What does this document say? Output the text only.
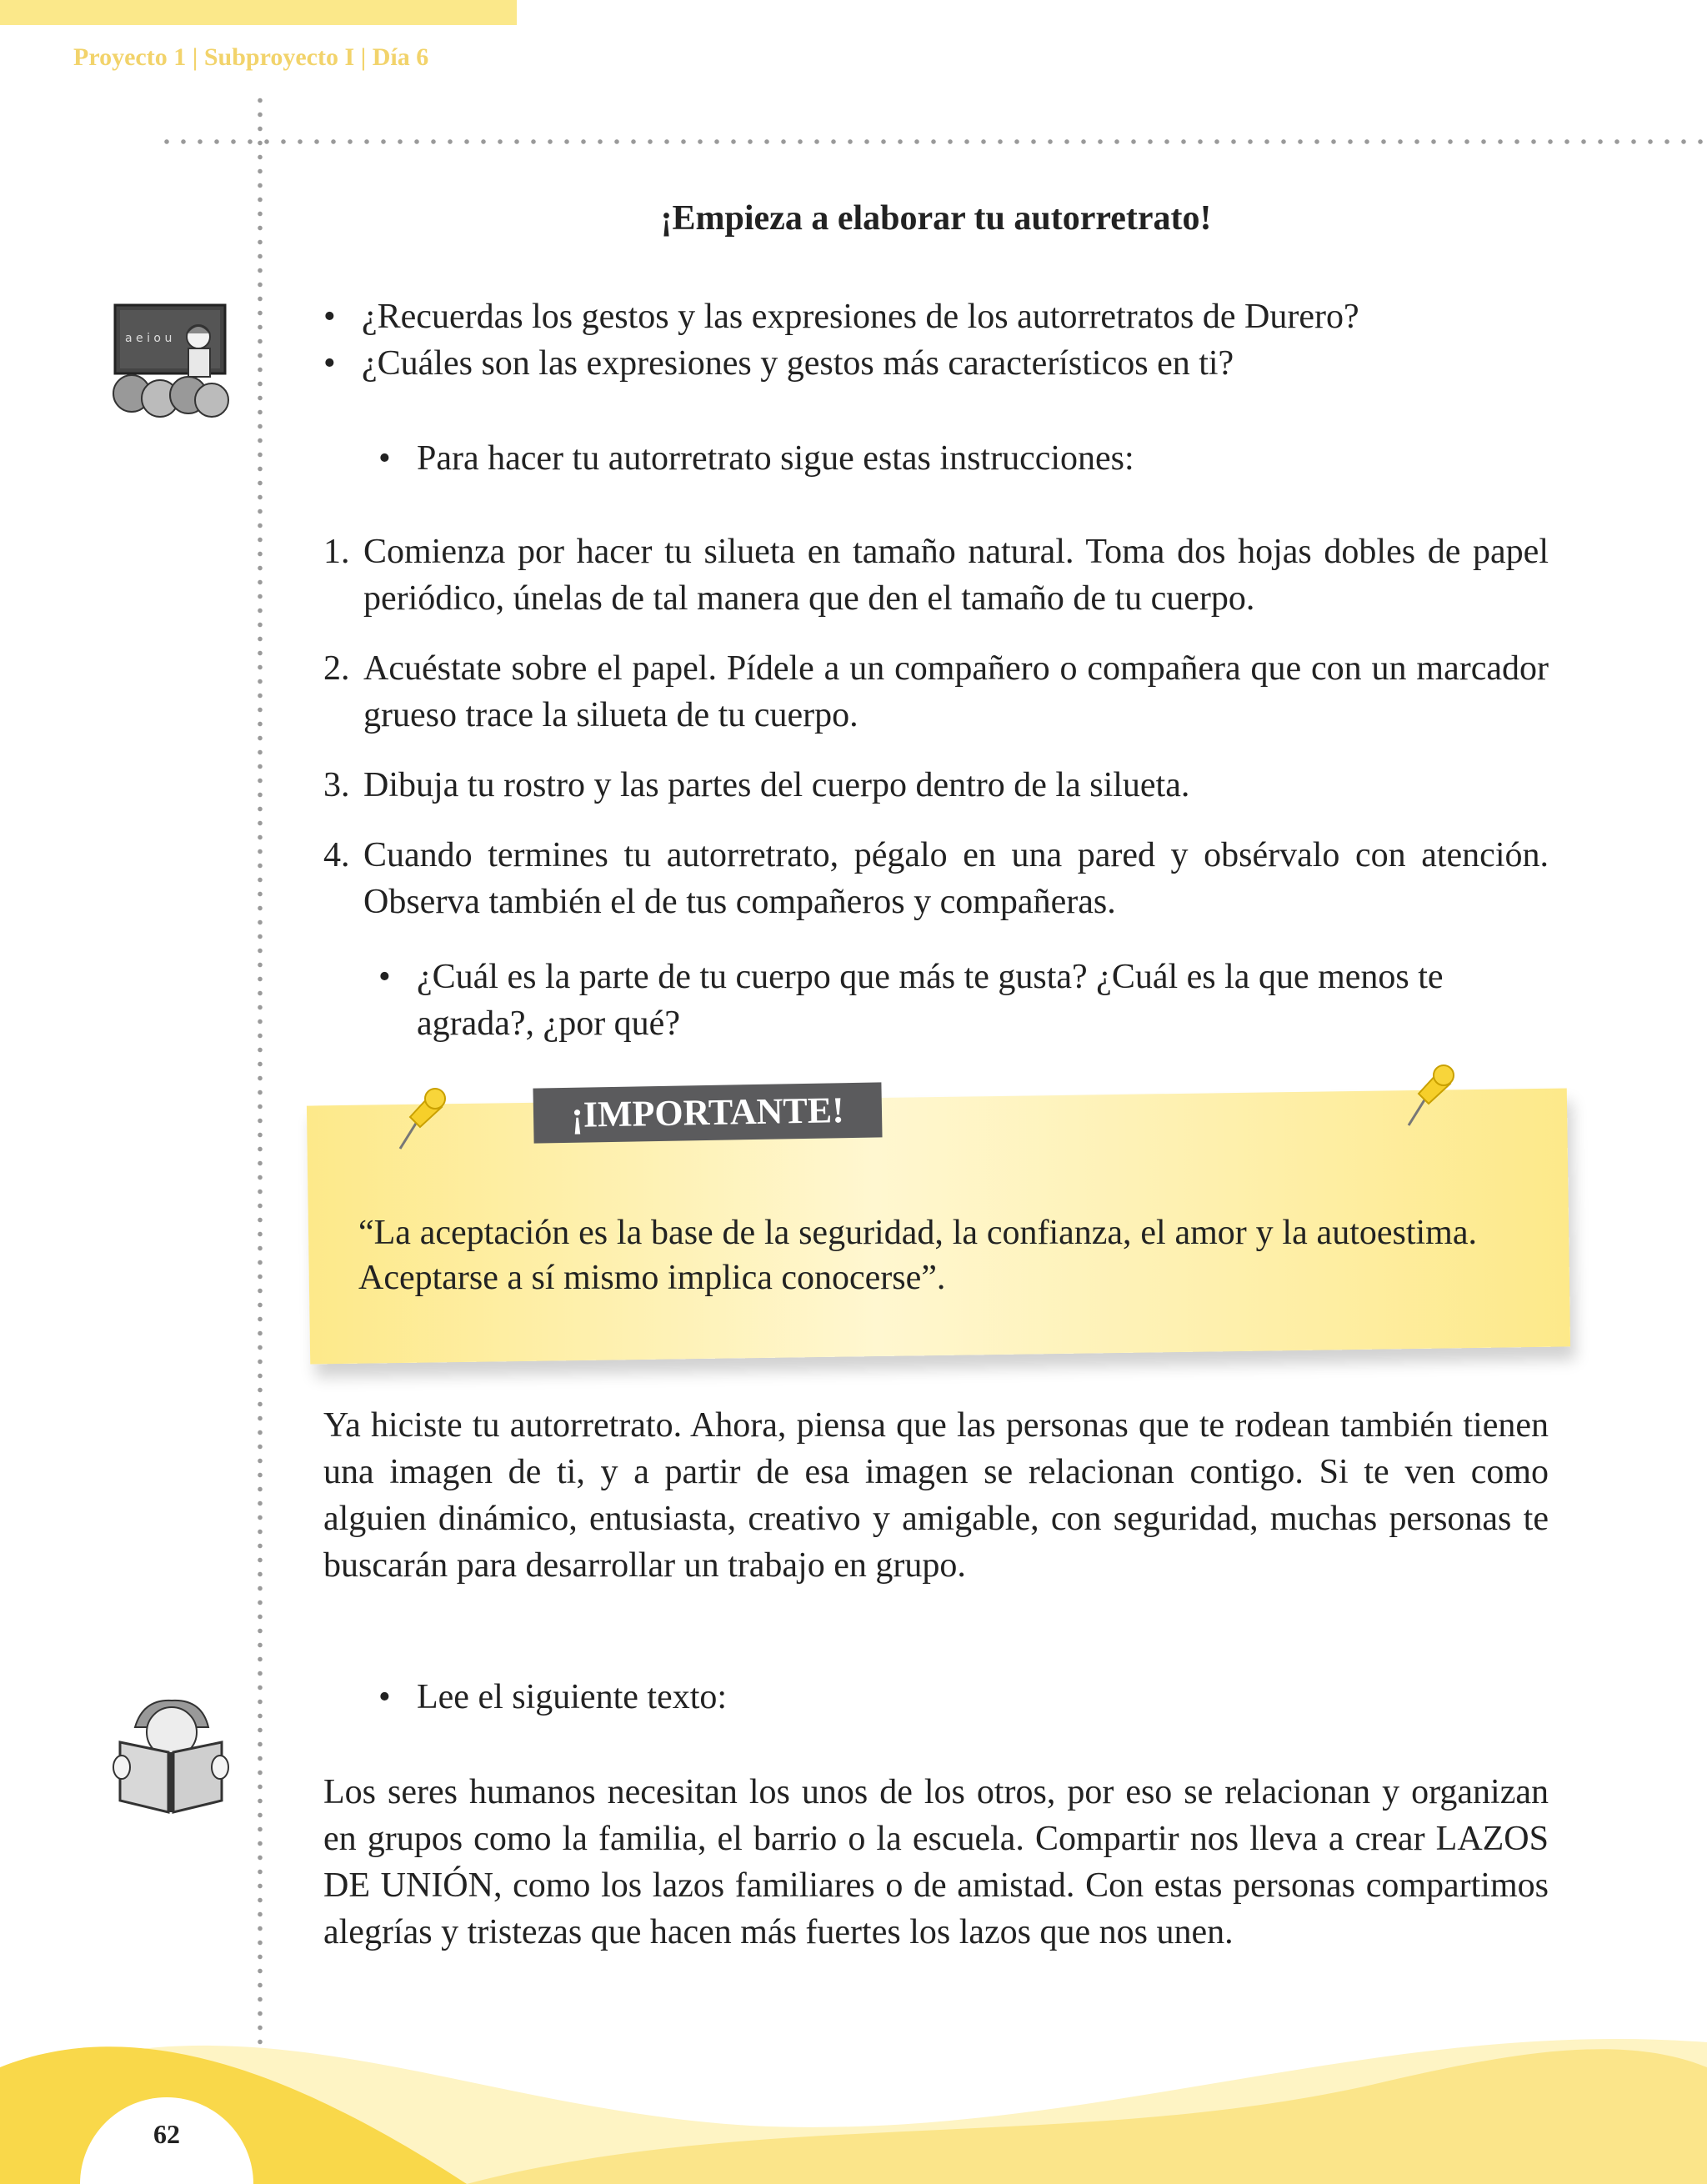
Proyecto 1 | Subproyecto I | Día 6
a e i o u
¡Empieza a elaborar tu autorretrato!
• ¿Recuerdas los gestos y las expresiones de los autorretratos de Durero?
• ¿Cuáles son las expresiones y gestos más característicos en ti?
• Para hacer tu autorretrato sigue estas instrucciones:
1. Comienza por hacer tu silueta en tamaño natural. Toma dos hojas dobles de papel periódico, únelas de tal manera que den el tamaño de tu cuerpo.
2. Acuéstate sobre el papel. Pídele a un compañero o compañera que con un marcador grueso trace la silueta de tu cuerpo.
3. Dibuja tu rostro y las partes del cuerpo dentro de la silueta.
4. Cuando termines tu autorretrato, pégalo en una pared y obsérvalo con atención. Observa también el de tus compañeros y compañeras.
• ¿Cuál es la parte de tu cuerpo que más te gusta? ¿Cuál es la que menos te agrada?, ¿por qué?
¡IMPORTANTE!
“La aceptación es la base de la seguridad, la confianza, el amor y la autoestima. Aceptarse a sí mismo implica conocerse”.
Ya hiciste tu autorretrato. Ahora, piensa que las personas que te rodean también tienen una imagen de ti, y a partir de esa imagen se relacionan contigo. Si te ven como alguien dinámico, entusiasta, creativo y amigable, con seguridad, muchas personas te buscarán para desarrollar un trabajo en grupo.
• Lee el siguiente texto:
Los seres humanos necesitan los unos de los otros, por eso se relacionan y organizan en grupos como la familia, el barrio o la escuela. Compartir nos lleva a crear LAZOS DE UNIÓN, como los lazos familiares o de amistad. Con estas personas compartimos alegrías y tristezas que hacen más fuertes los lazos que nos unen.
62
